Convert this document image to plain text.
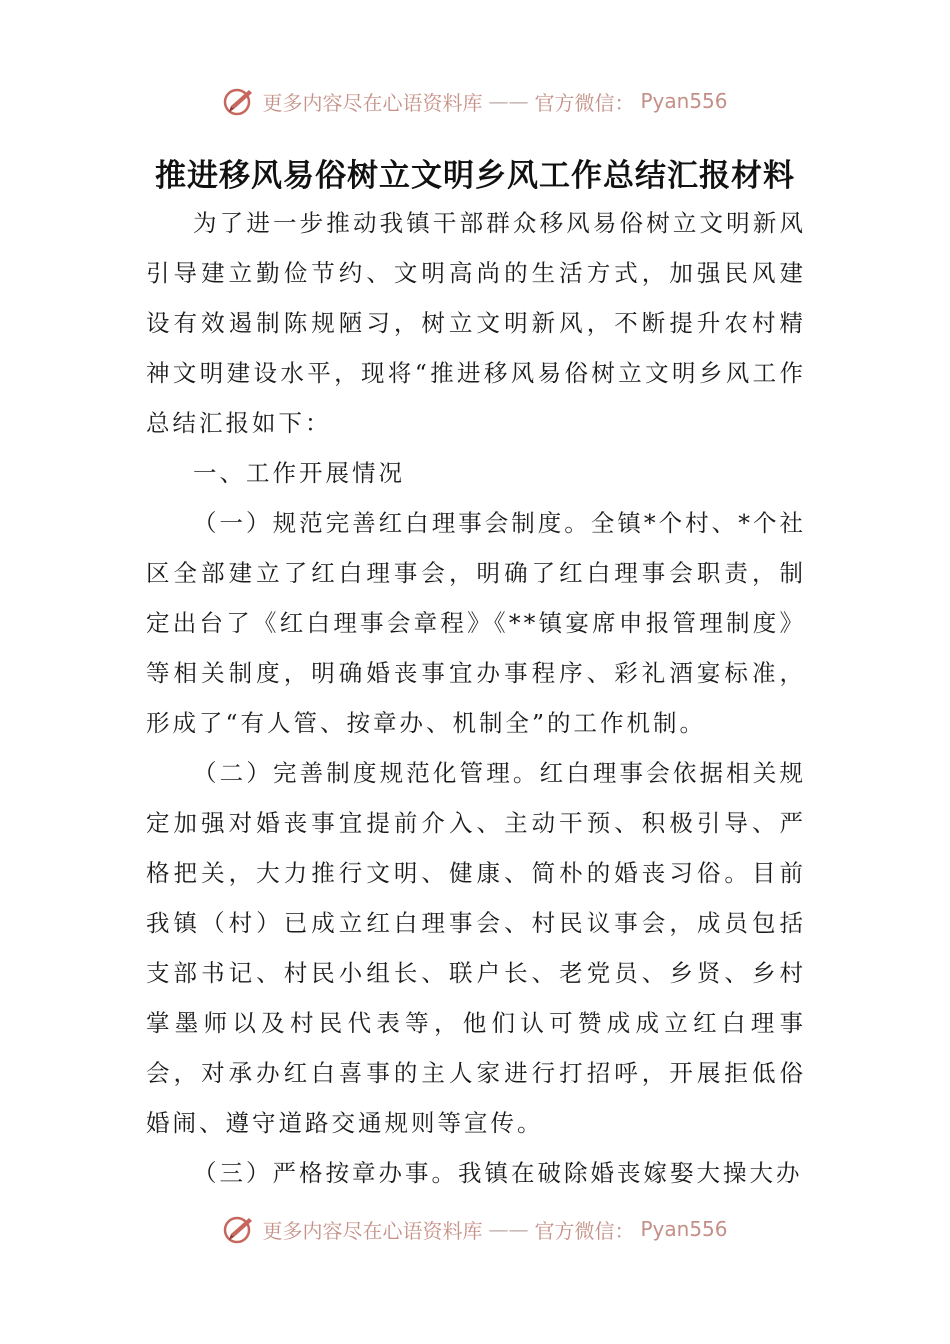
更多内容尽在心语资料库 —— 官方微信： Pyan556
推进移风易俗树立文明乡风工作总结汇报材料

为了进一步推动我镇干部群众移风易俗树立文明新风引导建立勤俭节约、文明高尚的生活方式，加强民风建设有效遏制陈规陋习，树立文明新风，不断提升农村精神文明建设水平，现将“推进移风易俗树立文明乡风工作总结汇报如下：

一、工作开展情况

（一）规范完善红白理事会制度。全镇*个村、*个社区全部建立了红白理事会，明确了红白理事会职责，制定出台了《红白理事会章程》《**镇宴席申报管理制度》等相关制度，明确婚丧事宜办事程序、彩礼酒宴标准，形成了“有人管、按章办、机制全”的工作机制。

（二）完善制度规范化管理。红白理事会依据相关规定加强对婚丧事宜提前介入、主动干预、积极引导、严格把关，大力推行文明、健康、简朴的婚丧习俗。目前我镇（村）已成立红白理事会、村民议事会，成员包括支部书记、村民小组长、联户长、老党员、乡贤、乡村掌墨师以及村民代表等，他们认可赞成成立红白理事会，对承办红白喜事的主人家进行打招呼，开展拒低俗婚闹、遵守道路交通规则等宣传。

（三）严格按章办事。我镇在破除婚丧嫁娶大操大办

更多内容尽在心语资料库 —— 官方微信： Pyan556
